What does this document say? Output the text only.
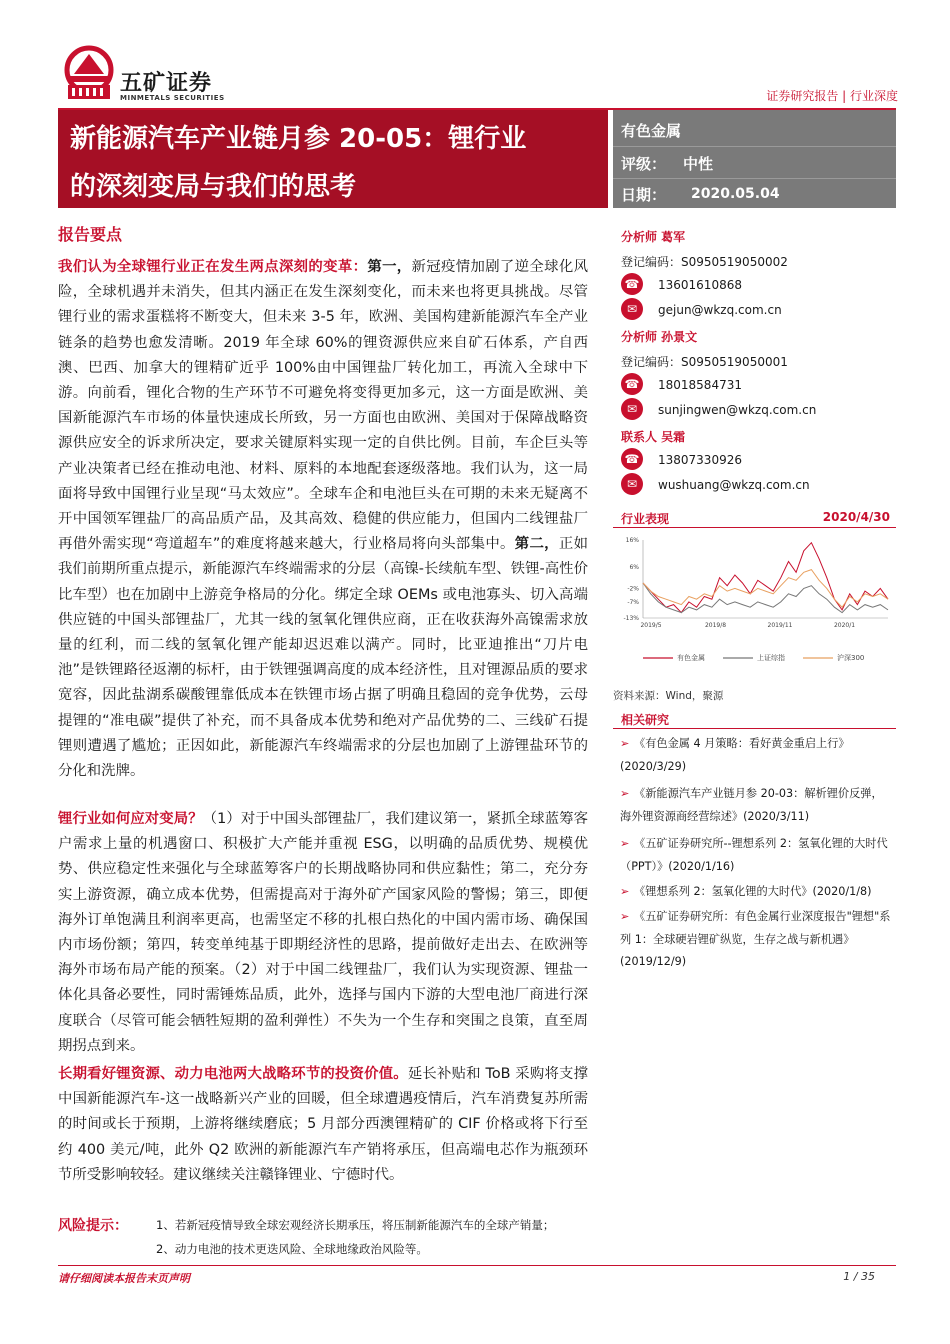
五矿证券
MINMETALS SECURITIES	证券研究报告 | 行业深度
新能源汽车产业链月参 20-05：锂行业
的深刻变局与我们的思考
有色金属
评级： 中性
日期： 2020.05.04
报告要点
我们认为全球锂行业正在发生两点深刻的变革：第一，新冠疫情加剧了逆全球化风险，全球机遇并未消失，但其内涵正在发生深刻变化，而未来也将更具挑战。尽管锂行业的需求蛋糕将不断变大，但未来 3-5 年，欧洲、美国构建新能源汽车全产业链条的趋势也愈发清晰。2019 年全球 60%的锂资源供应来自矿石体系，产自西澳、巴西、加拿大的锂精矿近乎 100%由中国锂盐厂转化加工，再流入全球中下游。向前看，锂化合物的生产环节不可避免将变得更加多元，这一方面是欧洲、美国新能源汽车市场的体量快速成长所致，另一方面也由欧洲、美国对于保障战略资源供应安全的诉求所决定，要求关键原料实现一定的自供比例。目前，车企巨头等产业决策者已经在推动电池、材料、原料的本地配套逐级落地。我们认为，这一局面将导致中国锂行业呈现“马太效应”。全球车企和电池巨头在可期的未来无疑离不开中国领军锂盐厂的高品质产品，及其高效、稳健的供应能力，但国内二线锂盐厂再借外需实现“弯道超车”的难度将越来越大，行业格局将向头部集中。第二，正如我们前期所重点提示，新能源汽车终端需求的分层（高镍-长续航车型、铁锂-高性价比车型）也在加剧中上游竞争格局的分化。绑定全球 OEMs 或电池寡头、切入高端供应链的中国头部锂盐厂，尤其一线的氢氧化锂供应商，正在收获海外高镍需求放量的红利，而二线的氢氧化锂产能却迟迟难以满产。同时，比亚迪推出“刀片电池”是铁锂路径返潮的标杆，由于铁锂强调高度的成本经济性，且对锂源品质的要求宽容，因此盐湖系碳酸锂靠低成本在铁锂市场占据了明确且稳固的竞争优势，云母提锂的“准电碳”提供了补充，而不具备成本优势和绝对产品优势的二、三线矿石提锂则遭遇了尴尬；正因如此，新能源汽车终端需求的分层也加剧了上游锂盐环节的分化和洗牌。
锂行业如何应对变局？（1）对于中国头部锂盐厂，我们建议第一，紧抓全球蓝筹客户需求上量的机遇窗口、积极扩大产能并重视 ESG，以明确的品质优势、规模优势、供应稳定性来强化与全球蓝筹客户的长期战略协同和供应黏性；第二，充分夯实上游资源，确立成本优势，但需提高对于海外矿产国家风险的警惕；第三，即便海外订单饱满且利润率更高，也需坚定不移的扎根白热化的中国内需市场、确保国内市场份额；第四，转变单纯基于即期经济性的思路，提前做好走出去、在欧洲等海外市场布局产能的预案。（2）对于中国二线锂盐厂，我们认为实现资源、锂盐一体化具备必要性，同时需锤炼品质，此外，选择与国内下游的大型电池厂商进行深度联合（尽管可能会牺牲短期的盈利弹性）不失为一个生存和突围之良策，直至周期拐点到来。
长期看好锂资源、动力电池两大战略环节的投资价值。延长补贴和 ToB 采购将支撑中国新能源汽车-这一战略新兴产业的回暖，但全球遭遇疫情后，汽车消费复苏所需的时间或长于预期，上游将继续磨底；5 月部分西澳锂精矿的 CIF 价格或将下行至约 400 美元/吨，此外 Q2 欧洲的新能源汽车产销将承压，但高端电芯作为瓶颈环节所受影响较轻。建议继续关注赣锋锂业、宁德时代。
风险提示： 1、若新冠疫情导致全球宏观经济长期承压，将压制新能源汽车的全球产销量；
2、动力电池的技术更迭风险、全球地缘政治风险等。
请仔细阅读本报告末页声明	1 / 35
分析师 葛军
登记编码：S0950519050002
☎ 13601610868
✉	gejun@wkzq.com.cn
分析师 孙景文
登记编码：S0950519050001
☎ 18018584731
✉	sunjingwen@wkzq.com.cn
联系人 吴霜
☎ 13807330926
✉	wushuang@wkzq.com.cn
行业表现	2020/4/30
16%
6%
-2%
-7%
-13%
2019/5	2019/8	2019/11	2020/1
有色金属	上证综指	沪深300
资料来源：Wind，聚源
相关研究
➢ 《有色金属 4 月策略：看好黄金重启上行》(2020/3/29)
➢ 《新能源汽车产业链月参 20-03：解析锂价反弹，海外锂资源商经营综述》(2020/3/11)
➢ 《五矿证券研究所--锂想系列 2：氢氧化锂的大时代（PPT）》(2020/1/16)
➢ 《锂想系列 2：氢氧化锂的大时代》(2020/1/8)
➢ 《五矿证券研究所：有色金属行业深度报告"锂想"系列 1：全球硬岩锂矿纵览，生存之战与新机遇》(2019/12/9)
